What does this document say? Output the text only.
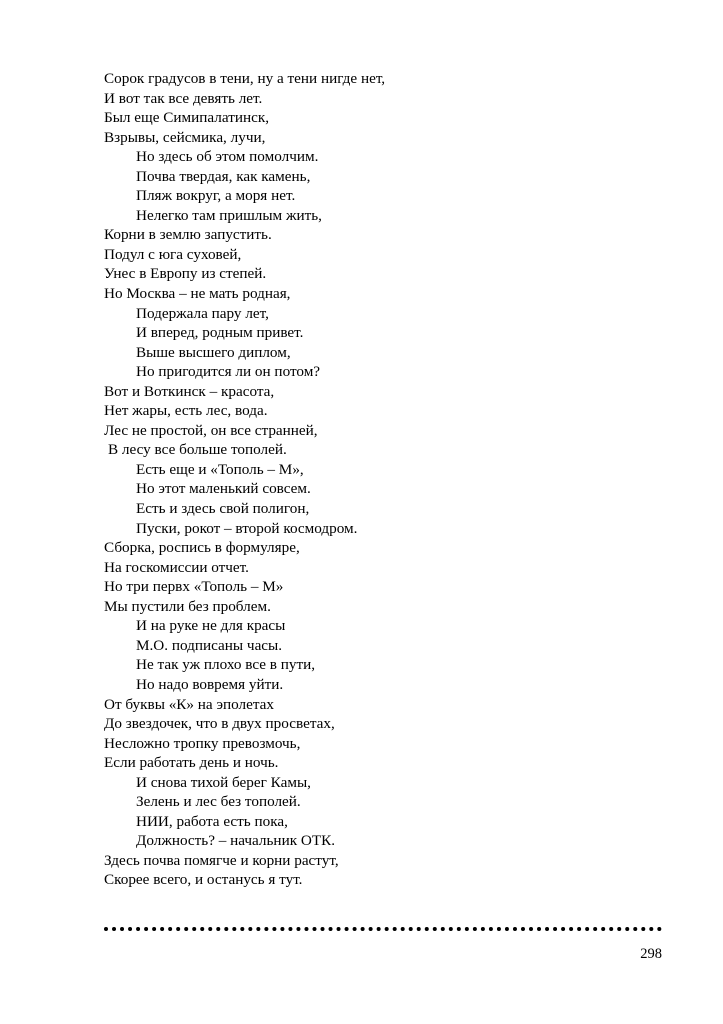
Сорок градусов в тени, ну а тени нигде нет,
И вот так все девять лет.
Был еще Симипалатинск,
Взрывы, сейсмика, лучи,
Но здесь об этом помолчим.
Почва твердая, как камень,
Пляж вокруг, а моря нет.
Нелегко там пришлым жить,
Корни в землю запустить.
Подул с юга суховей,
Унес в Европу из степей.
Но Москва – не мать родная,
Подержала пару лет,
И вперед, родным привет.
Выше высшего диплом,
Но пригодится ли он потом?
Вот и Воткинск – красота,
Нет жары, есть лес, вода.
Лес не простой, он все странней,
В лесу все больше тополей.
Есть еще и «Тополь – М»,
Но этот маленький совсем.
Есть и здесь свой полигон,
Пуски, рокот – второй космодром.
Сборка, роспись в формуляре,
На госкомиссии отчет.
Но три первх «Тополь – М»
Мы пустили без проблем.
И на руке не для красы
М.О. подписаны часы.
Не так уж плохо все в пути,
Но надо вовремя уйти.
От буквы «К» на эполетах
До звездочек, что в двух просветах,
Несложно тропку превозмочь,
Если работать день и ночь.
И снова тихой берег Камы,
Зелень и лес без тополей.
НИИ, работа есть пока,
Должность? – начальник ОТК.
Здесь почва помягче и корни растут,
Скорее всего, и останусь я тут.
298
